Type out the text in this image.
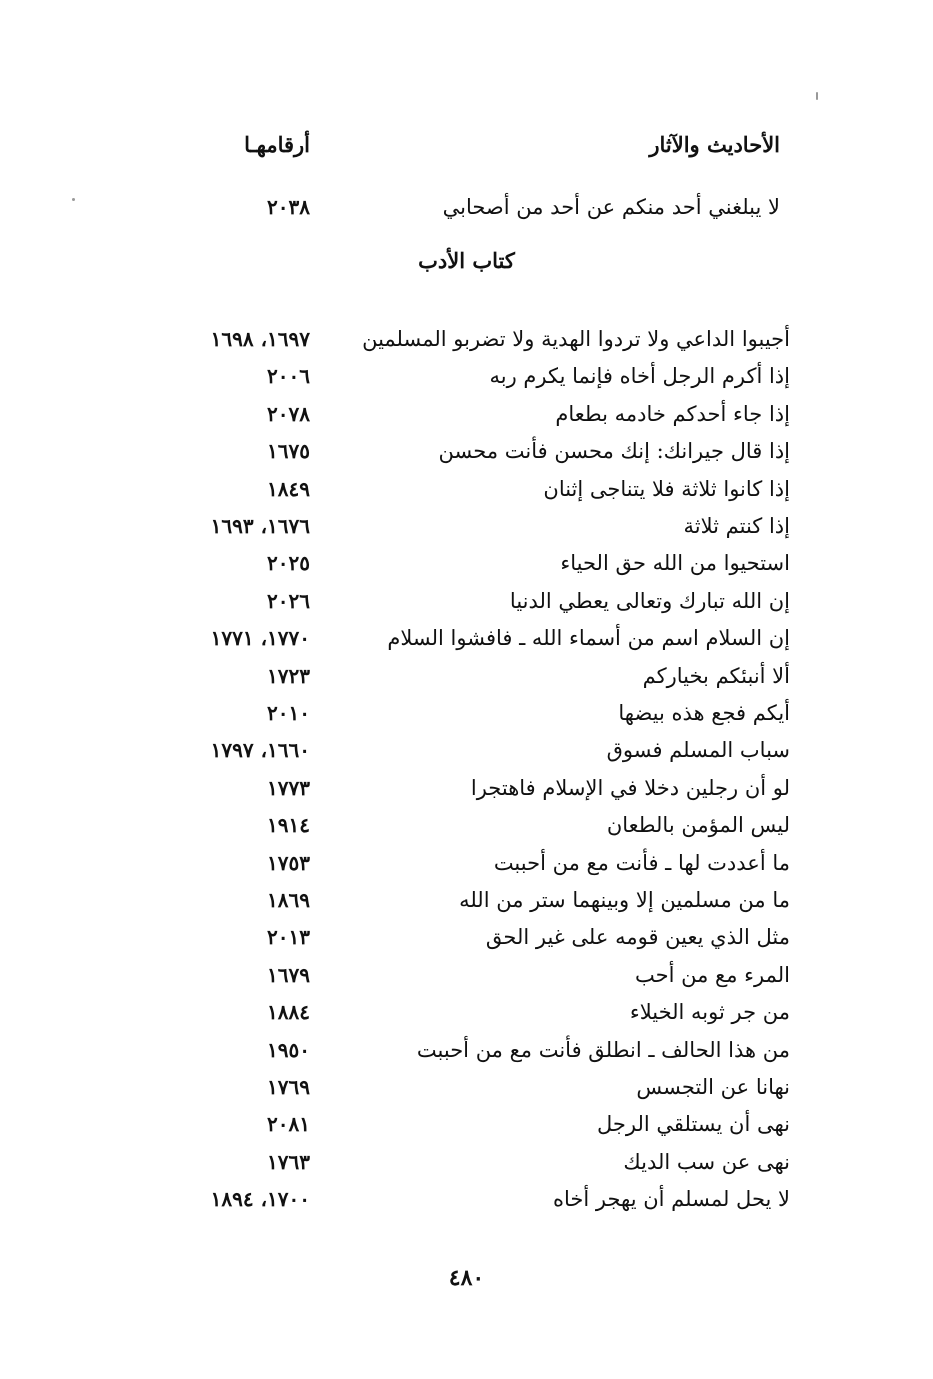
الأحاديث والآثار
أرقامهـا
لا يبلغني أحد منكم عن أحد من أصحابي
٢٠٣٨
كتاب الأدب
أجيبوا الداعي ولا تردوا الهدية ولا تضربو المسلمين
١٦٩٧، ١٦٩٨
إذا أكرم الرجل أخاه فإنما يكرم ربه
٢٠٠٦
إذا جاء أحدكم خادمه بطعام
٢٠٧٨
إذا قال جيرانك: إنك محسن فأنت محسن
١٦٧٥
إذا كانوا ثلاثة فلا يتناجى إثنان
١٨٤٩
إذا كنتم ثلاثة
١٦٧٦، ١٦٩٣
استحيوا من الله حق الحياء
٢٠٢٥
إن الله تبارك وتعالى يعطي الدنيا
٢٠٢٦
إن السلام اسم من أسماء الله ـ فافشوا السلام
١٧٧٠، ١٧٧١
ألا أنبئكم بخياركم
١٧٢٣
أيكم فجع هذه بيضها
٢٠١٠
سباب المسلم فسوق
١٦٦٠، ١٧٩٧
لو أن رجلين دخلا في الإسلام فاهتجرا
١٧٧٣
ليس المؤمن بالطعان
١٩١٤
ما أعددت لها ـ فأنت مع من أحببت
١٧٥٣
ما من مسلمين إلا وبينهما ستر من الله
١٨٦٩
مثل الذي يعين قومه على غير الحق
٢٠١٣
المرء مع من أحب
١٦٧٩
من جر ثوبه الخيلاء
١٨٨٤
من هذا الحالف ـ انطلق فأنت مع من أحببت
١٩٥٠
نهانا عن التجسس
١٧٦٩
نهى أن يستلقي الرجل
٢٠٨١
نهى عن سب الديك
١٧٦٣
لا يحل لمسلم أن يهجر أخاه
١٧٠٠، ١٨٩٤
٤٨٠
